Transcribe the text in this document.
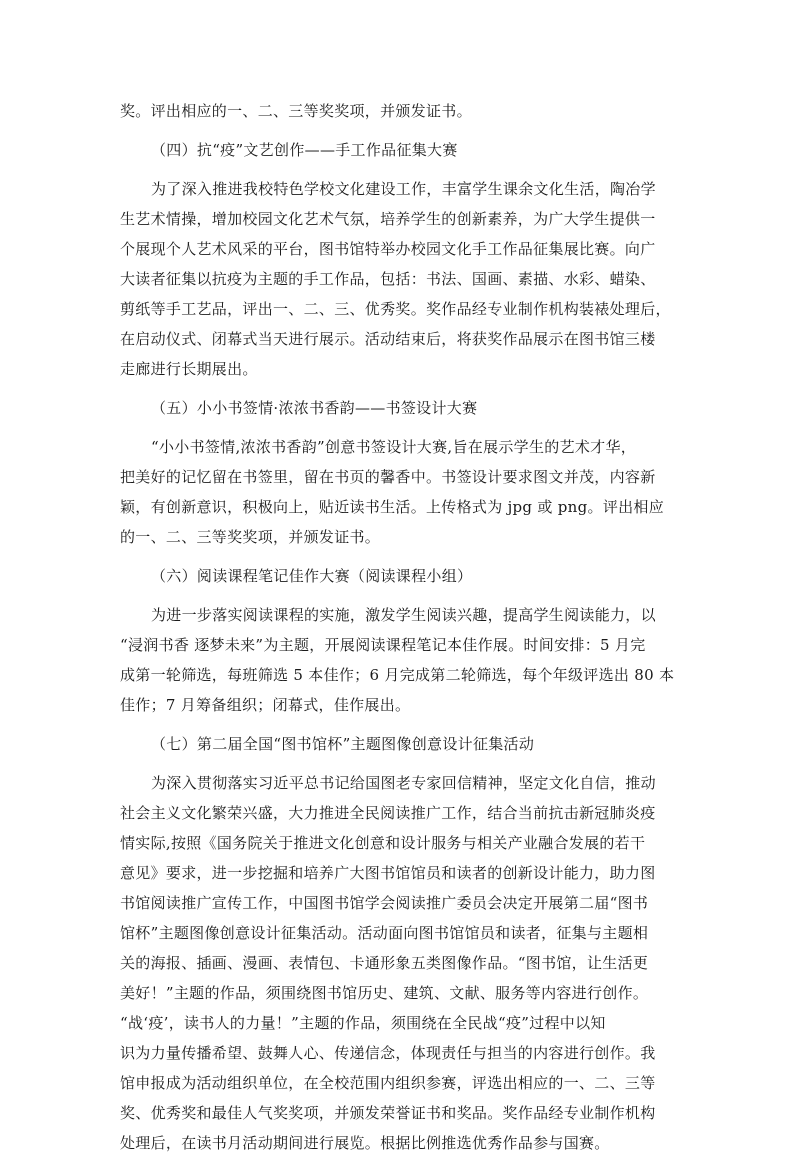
奖。评出相应的一、二、三等奖奖项，并颁发证书。
（四）抗“疫”文艺创作——手工作品征集大赛
为了深入推进我校特色学校文化建设工作，丰富学生课余文化生活，陶冶学
生艺术情操，增加校园文化艺术气氛，培养学生的创新素养，为广大学生提供一
个展现个人艺术风采的平台，图书馆特举办校园文化手工作品征集展比赛。向广
大读者征集以抗疫为主题的手工作品，包括：书法、国画、素描、水彩、蜡染、
剪纸等手工艺品，评出一、二、三、优秀奖。奖作品经专业制作机构装裱处理后，
在启动仪式、闭幕式当天进行展示。活动结束后，将获奖作品展示在图书馆三楼
走廊进行长期展出。
（五）小小书签情·浓浓书香韵——书签设计大赛
“小小书签情,浓浓书香韵”创意书签设计大赛,旨在展示学生的艺术才华，
把美好的记忆留在书签里，留在书页的馨香中。书签设计要求图文并茂，内容新
颖，有创新意识，积极向上，贴近读书生活。上传格式为 jpg 或 png。评出相应
的一、二、三等奖奖项，并颁发证书。
（六）阅读课程笔记佳作大赛（阅读课程小组）
为进一步落实阅读课程的实施，激发学生阅读兴趣，提高学生阅读能力，以
“浸润书香 逐梦未来”为主题，开展阅读课程笔记本佳作展。时间安排：5 月完
成第一轮筛选，每班筛选 5 本佳作；6 月完成第二轮筛选，每个年级评选出 80 本
佳作；7 月筹备组织；闭幕式，佳作展出。
（七）第二届全国“图书馆杯”主题图像创意设计征集活动
为深入贯彻落实习近平总书记给国图老专家回信精神，坚定文化自信，推动
社会主义文化繁荣兴盛，大力推进全民阅读推广工作，结合当前抗击新冠肺炎疫
情实际,按照《国务院关于推进文化创意和设计服务与相关产业融合发展的若干
意见》要求，进一步挖掘和培养广大图书馆馆员和读者的创新设计能力，助力图
书馆阅读推广宣传工作，中国图书馆学会阅读推广委员会决定开展第二届“图书
馆杯”主题图像创意设计征集活动。活动面向图书馆馆员和读者，征集与主题相
关的海报、插画、漫画、表情包、卡通形象五类图像作品。“图书馆，让生活更
美好！”主题的作品，须围绕图书馆历史、建筑、文献、服务等内容进行创作。
“战‘疫’，读书人的力量！”主题的作品，须围绕在全民战“疫”过程中以知
识为力量传播希望、鼓舞人心、传递信念，体现责任与担当的内容进行创作。我
馆申报成为活动组织单位，在全校范围内组织参赛，评选出相应的一、二、三等
奖、优秀奖和最佳人气奖奖项，并颁发荣誉证书和奖品。奖作品经专业制作机构
处理后，在读书月活动期间进行展览。根据比例推选优秀作品参与国赛。
